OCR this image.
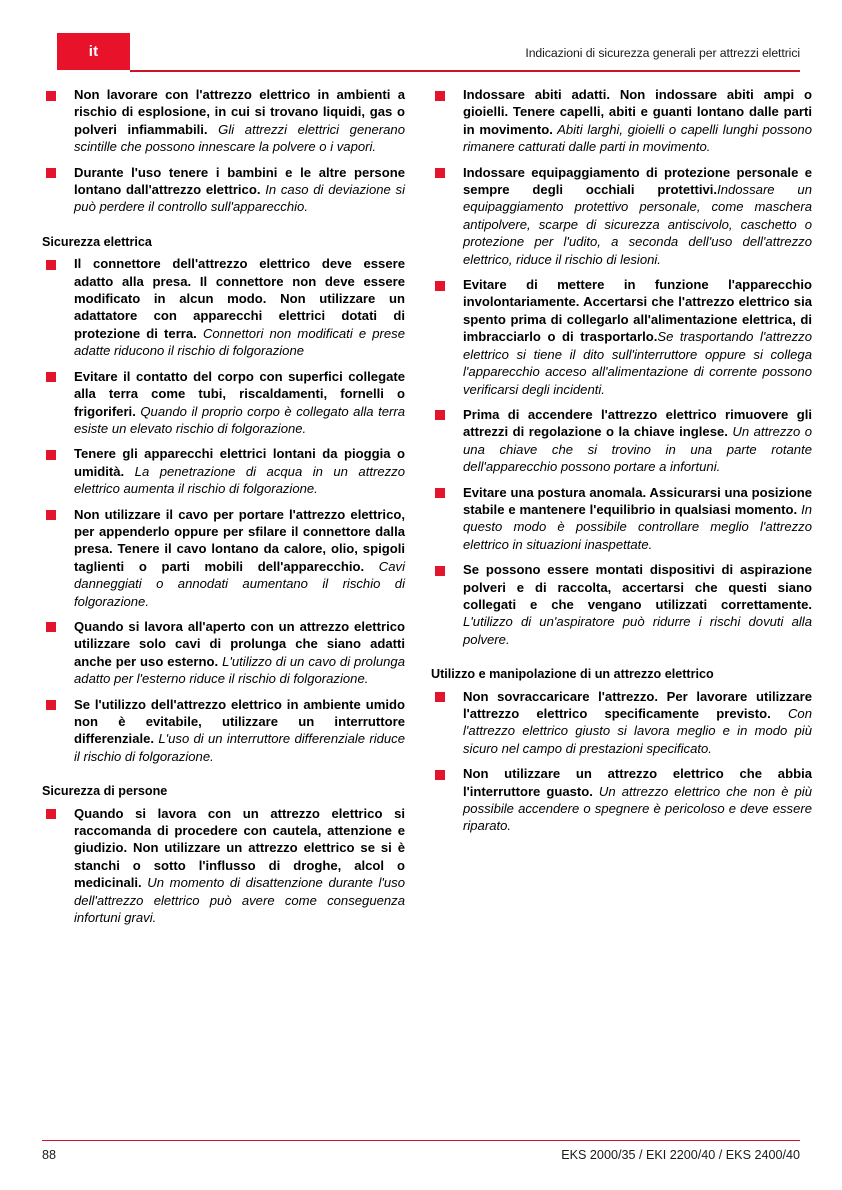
it	Indicazioni di sicurezza generali per attrezzi elettrici
Non lavorare con l'attrezzo elettrico in ambienti a rischio di esplosione, in cui si trovano liquidi, gas o polveri infiammabili. Gli attrezzi elettrici generano scintille che possono innescare la polvere o i vapori.
Durante l'uso tenere i bambini e le altre persone lontano dall'attrezzo elettrico. In caso di deviazione si può perdere il controllo sull'apparecchio.
Sicurezza elettrica
Il connettore dell'attrezzo elettrico deve essere adatto alla presa. Il connettore non deve essere modificato in alcun modo. Non utilizzare un adattatore con apparecchi elettrici dotati di protezione di terra. Connettori non modificati e prese adatte riducono il rischio di folgorazione
Evitare il contatto del corpo con superfici collegate alla terra come tubi, riscaldamenti, fornelli o frigoriferi. Quando il proprio corpo è collegato alla terra esiste un elevato rischio di folgorazione.
Tenere gli apparecchi elettrici lontani da pioggia o umidità. La penetrazione di acqua in un attrezzo elettrico aumenta il rischio di folgorazione.
Non utilizzare il cavo per portare l'attrezzo elettrico, per appenderlo oppure per sfilare il connettore dalla presa. Tenere il cavo lontano da calore, olio, spigoli taglienti o parti mobili dell'apparecchio. Cavi danneggiati o annodati aumentano il rischio di folgorazione.
Quando si lavora all'aperto con un attrezzo elettrico utilizzare solo cavi di prolunga che siano adatti anche per uso esterno. L'utilizzo di un cavo di prolunga adatto per l'esterno riduce il rischio di folgorazione.
Se l'utilizzo dell'attrezzo elettrico in ambiente umido non è evitabile, utilizzare un interruttore differenziale. L'uso di un interruttore differenziale riduce il rischio di folgorazione.
Sicurezza di persone
Quando si lavora con un attrezzo elettrico si raccomanda di procedere con cautela, attenzione e giudizio. Non utilizzare un attrezzo elettrico se si è stanchi o sotto l'influsso di droghe, alcol o medicinali. Un momento di disattenzione durante l'uso dell'attrezzo elettrico può avere come conseguenza infortuni gravi.
Indossare abiti adatti. Non indossare abiti ampi o gioielli. Tenere capelli, abiti e guanti lontano dalle parti in movimento. Abiti larghi, gioielli o capelli lunghi possono rimanere catturati dalle parti in movimento.
Indossare equipaggiamento di protezione personale e sempre degli occhiali protettivi.Indossare un equipaggiamento protettivo personale, come maschera antipolvere, scarpe di sicurezza antiscivolo, caschetto o protezione per l'udito, a seconda dell'uso dell'attrezzo elettrico, riduce il rischio di lesioni.
Evitare di mettere in funzione l'apparecchio involontariamente. Accertarsi che l'attrezzo elettrico sia spento prima di collegarlo all'alimentazione elettrica, di imbracciarlo o di trasportarlo.Se trasportando l'attrezzo elettrico si tiene il dito sull'interruttore oppure si collega l'apparecchio acceso all'alimentazione di corrente possono verificarsi degli incidenti.
Prima di accendere l'attrezzo elettrico rimuovere gli attrezzi di regolazione o la chiave inglese. Un attrezzo o una chiave che si trovino in una parte rotante dell'apparecchio possono portare a infortuni.
Evitare una postura anomala. Assicurarsi una posizione stabile e mantenere l'equilibrio in qualsiasi momento. In questo modo è possibile controllare meglio l'attrezzo elettrico in situazioni inaspettate.
Se possono essere montati dispositivi di aspirazione polveri e di raccolta, accertarsi che questi siano collegati e che vengano utilizzati correttamente. L'utilizzo di un'aspiratore può ridurre i rischi dovuti alla polvere.
Utilizzo e manipolazione di un attrezzo elettrico
Non sovraccaricare l'attrezzo. Per lavorare utilizzare l'attrezzo elettrico specificamente previsto. Con l'attrezzo elettrico giusto si lavora meglio e in modo più sicuro nel campo di prestazioni specificato.
Non utilizzare un attrezzo elettrico che abbia l'interruttore guasto. Un attrezzo elettrico che non è più possibile accendere o spegnere è pericoloso e deve essere riparato.
88	EKS 2000/35 / EKI 2200/40 / EKS 2400/40
